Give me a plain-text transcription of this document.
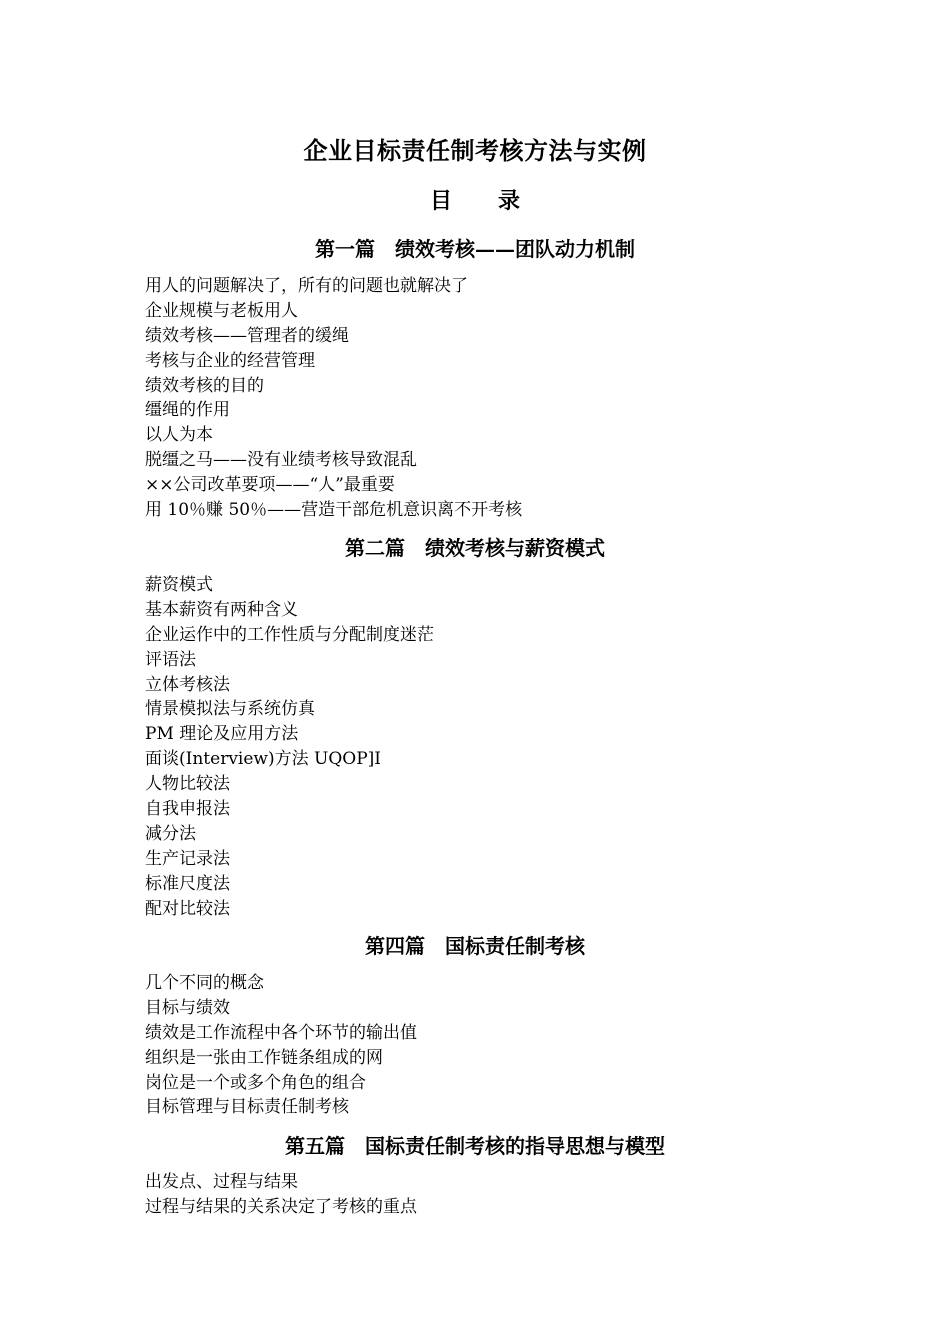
企业目标责任制考核方法与实例
目 录
第一篇　绩效考核——团队动力机制
用人的问题解决了，所有的问题也就解决了
企业规模与老板用人
绩效考核——管理者的缓绳
考核与企业的经营管理
绩效考核的目的
缰绳的作用
以人为本
脱缰之马——没有业绩考核导致混乱
××公司改革要项——“人”最重要
用 10％赚 50％——营造干部危机意识离不开考核
第二篇　绩效考核与薪资模式
薪资模式
基本薪资有两种含义
企业运作中的工作性质与分配制度迷茫
评语法
立体考核法
情景模拟法与系统仿真
PM 理论及应用方法
面谈(Interview)方法 UQOP]I
人物比较法
自我申报法
减分法
生产记录法
标准尺度法
配对比较法
第四篇　国标责任制考核
几个不同的概念
目标与绩效
绩效是工作流程中各个环节的输出值
组织是一张由工作链条组成的网
岗位是一个或多个角色的组合
目标管理与目标责任制考核
第五篇　国标责任制考核的指导思想与模型
出发点、过程与结果
过程与结果的关系决定了考核的重点
